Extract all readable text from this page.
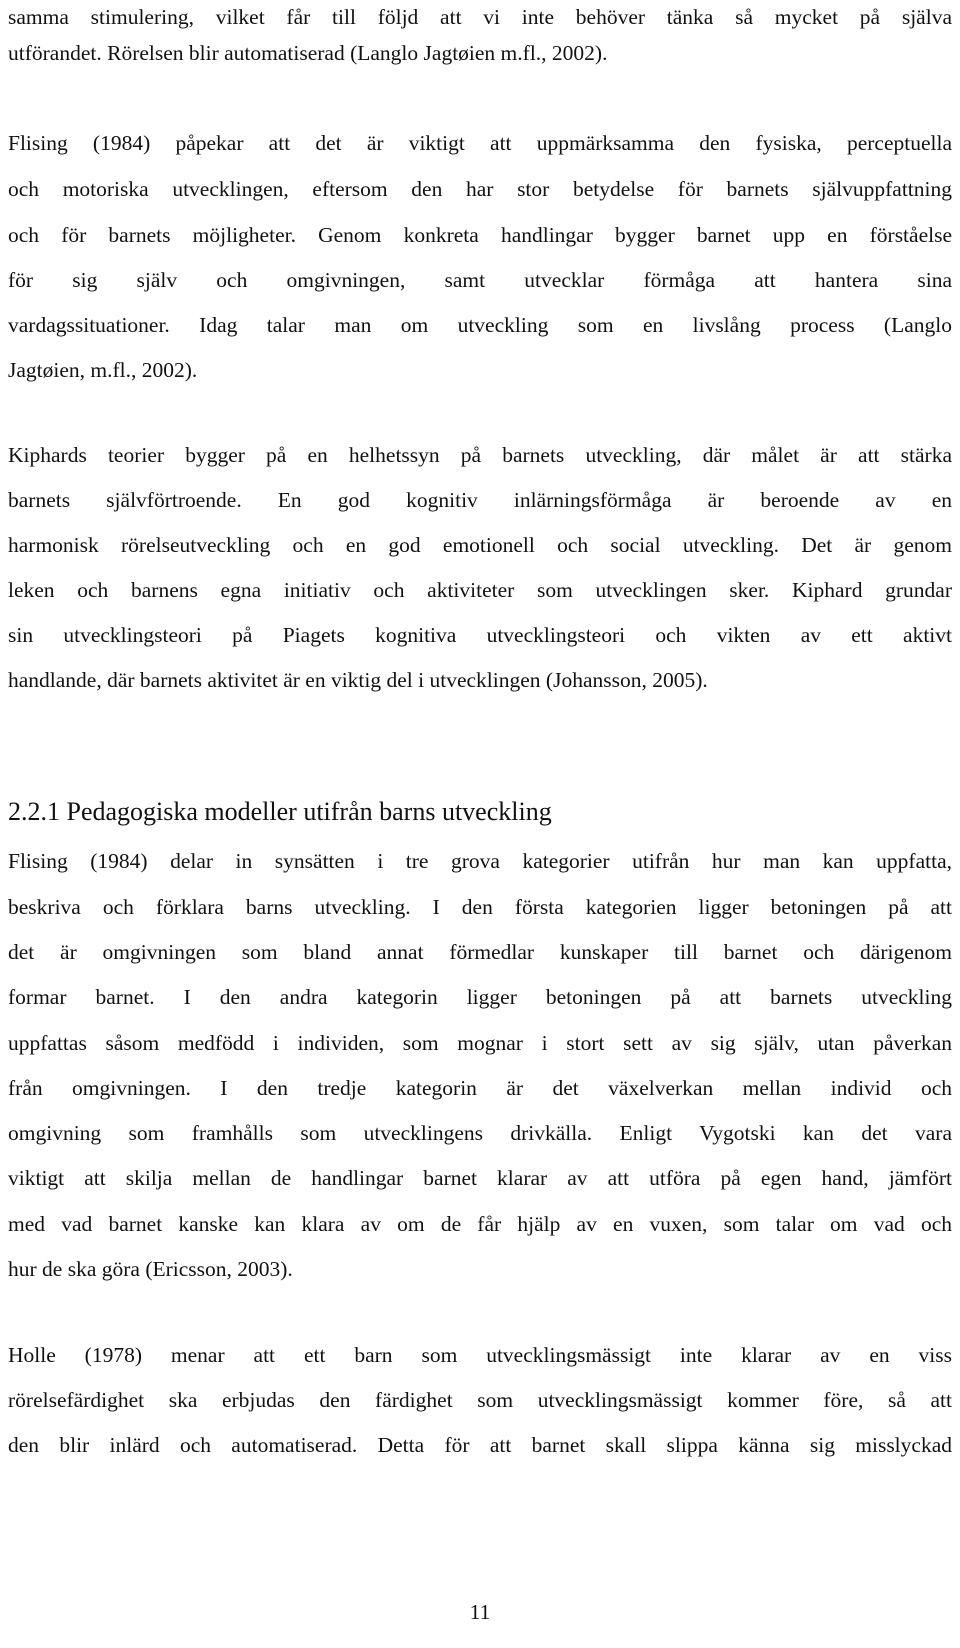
samma stimulering, vilket får till följd att vi inte behöver tänka så mycket på själva

utförandet. Rörelsen blir automatiserad (Langlo Jagtøien m.fl., 2002).

Flising (1984) påpekar att det är viktigt att uppmärksamma den fysiska, perceptuella

och motoriska utvecklingen, eftersom den har stor betydelse för barnets självuppfattning

och för barnets möjligheter. Genom konkreta handlingar bygger barnet upp en förståelse

för sig själv och omgivningen, samt utvecklar förmåga att hantera sina

vardagssituationer. Idag talar man om utveckling som en livslång process (Langlo

Jagtøien, m.fl., 2002).

Kiphards teorier bygger på en helhetssyn på barnets utveckling, där målet är att stärka

barnets självförtroende. En god kognitiv inlärningsförmåga är beroende av en

harmonisk rörelseutveckling och en god emotionell och social utveckling. Det är genom

leken och barnens egna initiativ och aktiviteter som utvecklingen sker. Kiphard grundar

sin utvecklingsteori på Piagets kognitiva utvecklingsteori och vikten av ett aktivt

handlande, där barnets aktivitet är en viktig del i utvecklingen (Johansson, 2005).

2.2.1 Pedagogiska modeller utifrån barns utveckling

Flising (1984) delar in synsätten i tre grova kategorier utifrån hur man kan uppfatta,

beskriva och förklara barns utveckling. I den första kategorien ligger betoningen på att

det är omgivningen som bland annat förmedlar kunskaper till barnet och därigenom

formar barnet. I den andra kategorin ligger betoningen på att barnets utveckling

uppfattas såsom medfödd i individen, som mognar i stort sett av sig själv, utan påverkan

från omgivningen. I den tredje kategorin är det växelverkan mellan individ och

omgivning som framhålls som utvecklingens drivkälla. Enligt Vygotski kan det vara

viktigt att skilja mellan de handlingar barnet klarar av att utföra på egen hand, jämfört

med vad barnet kanske kan klara av om de får hjälp av en vuxen, som talar om vad och

hur de ska göra (Ericsson, 2003).

Holle (1978) menar att ett barn som utvecklingsmässigt inte klarar av en viss

rörelsefärdighet ska erbjudas den färdighet som utvecklingsmässigt kommer före, så att

den blir inlärd och automatiserad. Detta för att barnet skall slippa känna sig misslyckad

11
